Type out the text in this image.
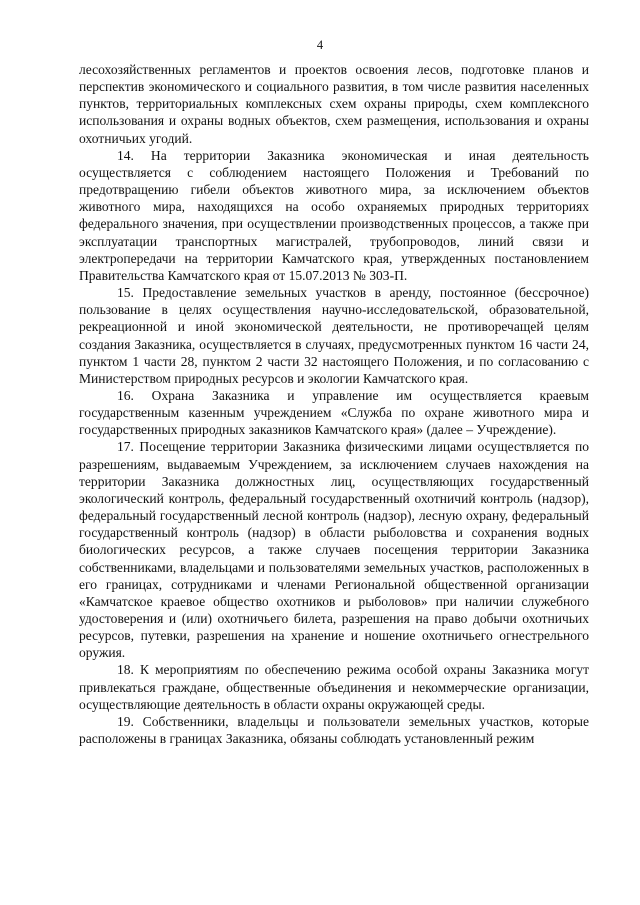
4

лесохозяйственных регламентов и проектов освоения лесов, подготовке планов и перспектив экономического и социального развития, в том числе развития населенных пунктов, территориальных комплексных схем охраны природы, схем комплексного использования и охраны водных объектов, схем размещения, использования и охраны охотничьих угодий.

14. На территории Заказника экономическая и иная деятельность осуществляется с соблюдением настоящего Положения и Требований по предотвращению гибели объектов животного мира, за исключением объектов животного мира, находящихся на особо охраняемых природных территориях федерального значения, при осуществлении производственных процессов, а также при эксплуатации транспортных магистралей, трубопроводов, линий связи и электропередачи на территории Камчатского края, утвержденных постановлением Правительства Камчатского края от 15.07.2013 № 303-П.

15. Предоставление земельных участков в аренду, постоянное (бессрочное) пользование в целях осуществления научно-исследовательской, образовательной, рекреационной и иной экономической деятельности, не противоречащей целям создания Заказника, осуществляется в случаях, предусмотренных пунктом 16 части 24, пунктом 1 части 28, пунктом 2 части 32 настоящего Положения, и по согласованию с Министерством природных ресурсов и экологии Камчатского края.

16. Охрана Заказника и управление им осуществляется краевым государственным казенным учреждением «Служба по охране животного мира и государственных природных заказников Камчатского края» (далее – Учреждение).

17. Посещение территории Заказника физическими лицами осуществляется по разрешениям, выдаваемым Учреждением, за исключением случаев нахождения на территории Заказника должностных лиц, осуществляющих государственный экологический контроль, федеральный государственный охотничий контроль (надзор), федеральный государственный лесной контроль (надзор), лесную охрану, федеральный государственный контроль (надзор) в области рыболовства и сохранения водных биологических ресурсов, а также случаев посещения территории Заказника собственниками, владельцами и пользователями земельных участков, расположенных в его границах, сотрудниками и членами Региональной общественной организации «Камчатское краевое общество охотников и рыболовов» при наличии служебного удостоверения и (или) охотничьего билета, разрешения на право добычи охотничьих ресурсов, путевки, разрешения на хранение и ношение охотничьего огнестрельного оружия.

18. К мероприятиям по обеспечению режима особой охраны Заказника могут привлекаться граждане, общественные объединения и некоммерческие организации, осуществляющие деятельность в области охраны окружающей среды.

19. Собственники, владельцы и пользователи земельных участков, которые расположены в границах Заказника, обязаны соблюдать установленный режим
